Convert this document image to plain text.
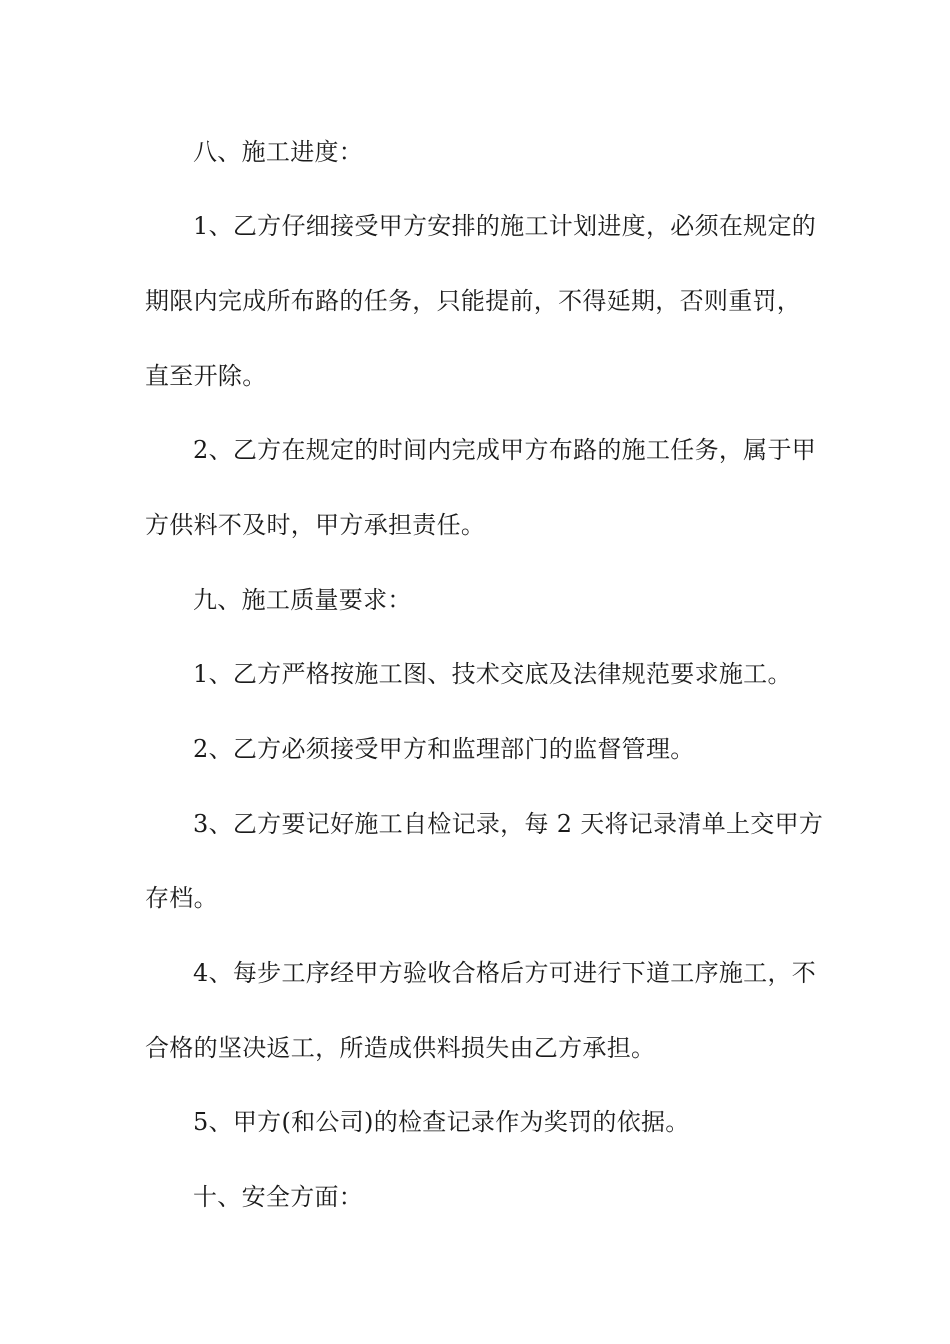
八、施工进度：
1、乙方仔细接受甲方安排的施工计划进度，必须在规定的
期限内完成所布路的任务，只能提前，不得延期，否则重罚，
直至开除。
2、乙方在规定的时间内完成甲方布路的施工任务，属于甲
方供料不及时，甲方承担责任。
九、施工质量要求：
1、乙方严格按施工图、技术交底及法律规范要求施工。
2、乙方必须接受甲方和监理部门的监督管理。
3、乙方要记好施工自检记录，每 2 天将记录清单上交甲方
存档。
4、每步工序经甲方验收合格后方可进行下道工序施工，不
合格的坚决返工，所造成供料损失由乙方承担。
5、甲方(和公司)的检查记录作为奖罚的依据。
十、安全方面：
